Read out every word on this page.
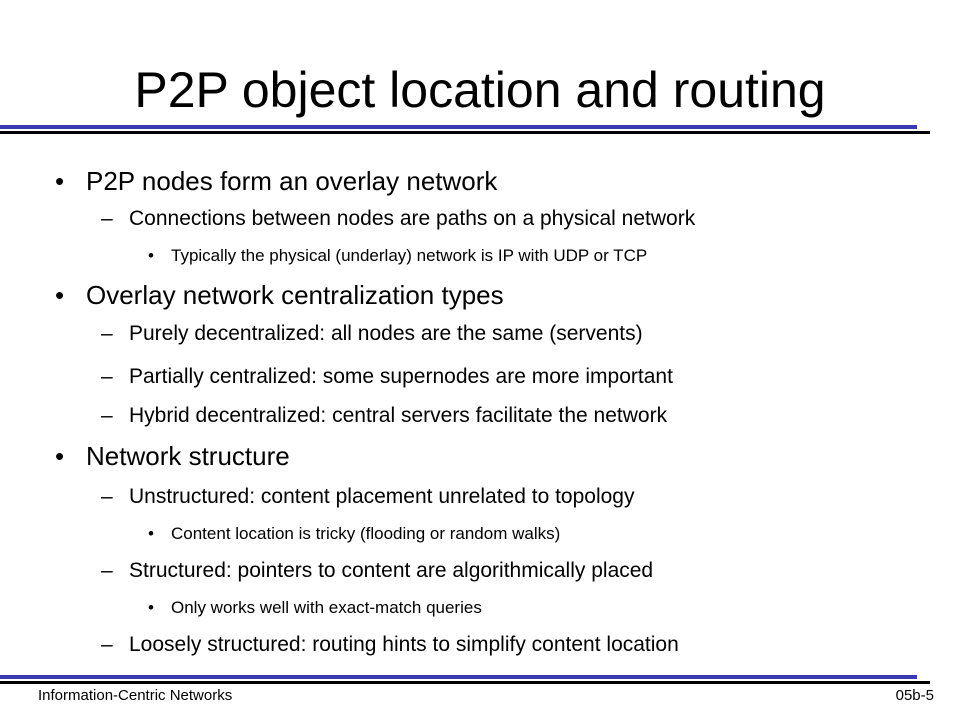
P2P object location and routing
• P2P nodes form an overlay network
– Connections between nodes are paths on a physical network
• Typically the physical (underlay) network is IP with UDP or TCP
• Overlay network centralization types
– Purely decentralized: all nodes are the same (servents)
– Partially centralized: some supernodes are more important
– Hybrid decentralized: central servers facilitate the network
• Network structure
– Unstructured: content placement unrelated to topology
• Content location is tricky (flooding or random walks)
– Structured: pointers to content are algorithmically placed
• Only works well with exact-match queries
– Loosely structured: routing hints to simplify content location
Information-Centric Networks	05b-5
